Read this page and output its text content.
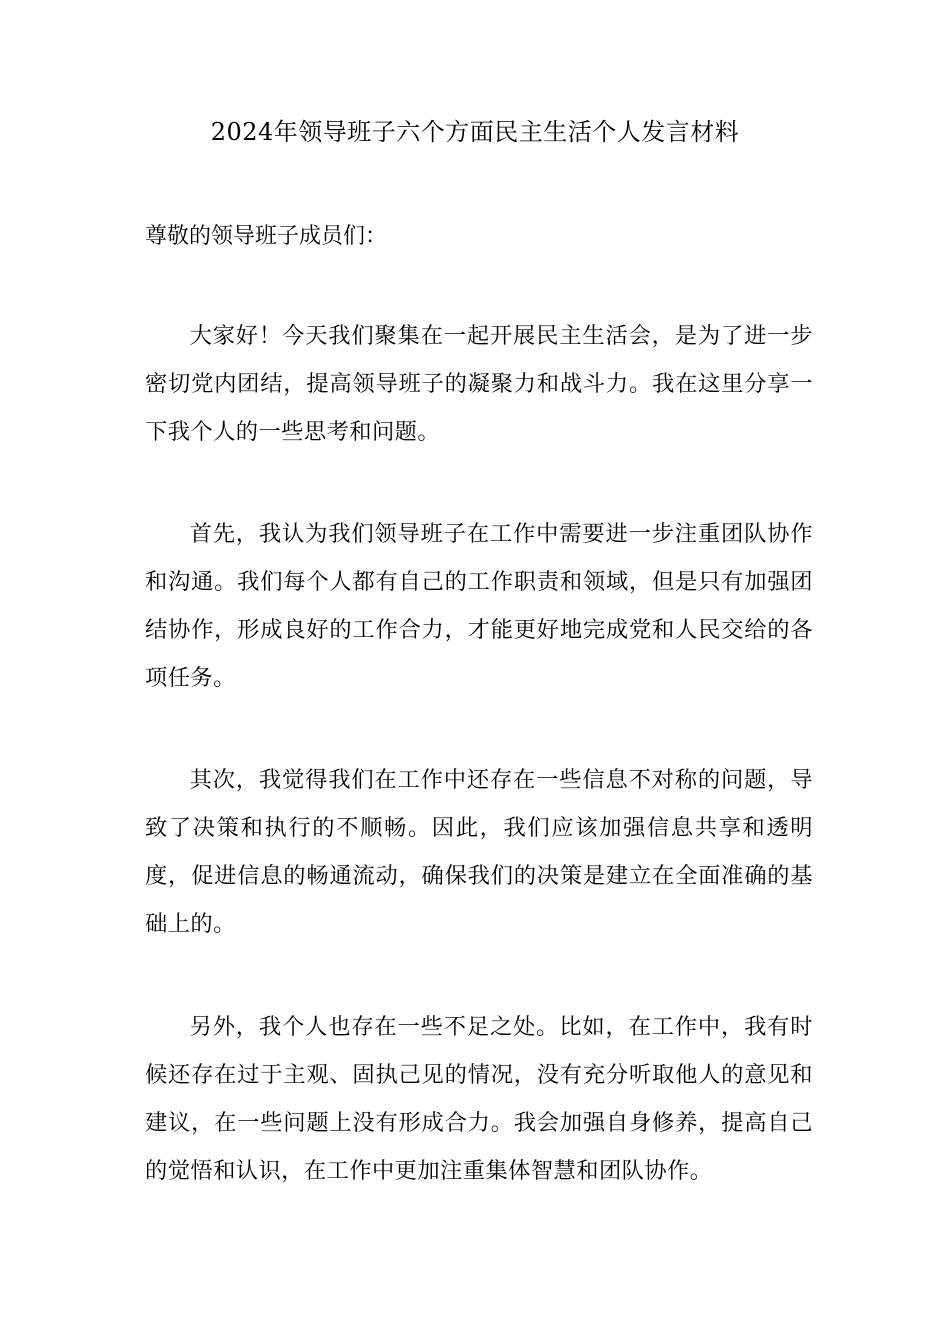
2024年领导班子六个方面民主生活个人发言材料

尊敬的领导班子成员们：

大家好！今天我们聚集在一起开展民主生活会，是为了进一步密切党内团结，提高领导班子的凝聚力和战斗力。我在这里分享一下我个人的一些思考和问题。

首先，我认为我们领导班子在工作中需要进一步注重团队协作和沟通。我们每个人都有自己的工作职责和领域，但是只有加强团结协作，形成良好的工作合力，才能更好地完成党和人民交给的各项任务。

其次，我觉得我们在工作中还存在一些信息不对称的问题，导致了决策和执行的不顺畅。因此，我们应该加强信息共享和透明度，促进信息的畅通流动，确保我们的决策是建立在全面准确的基础上的。

另外，我个人也存在一些不足之处。比如，在工作中，我有时候还存在过于主观、固执己见的情况，没有充分听取他人的意见和建议，在一些问题上没有形成合力。我会加强自身修养，提高自己的觉悟和认识，在工作中更加注重集体智慧和团队协作。
